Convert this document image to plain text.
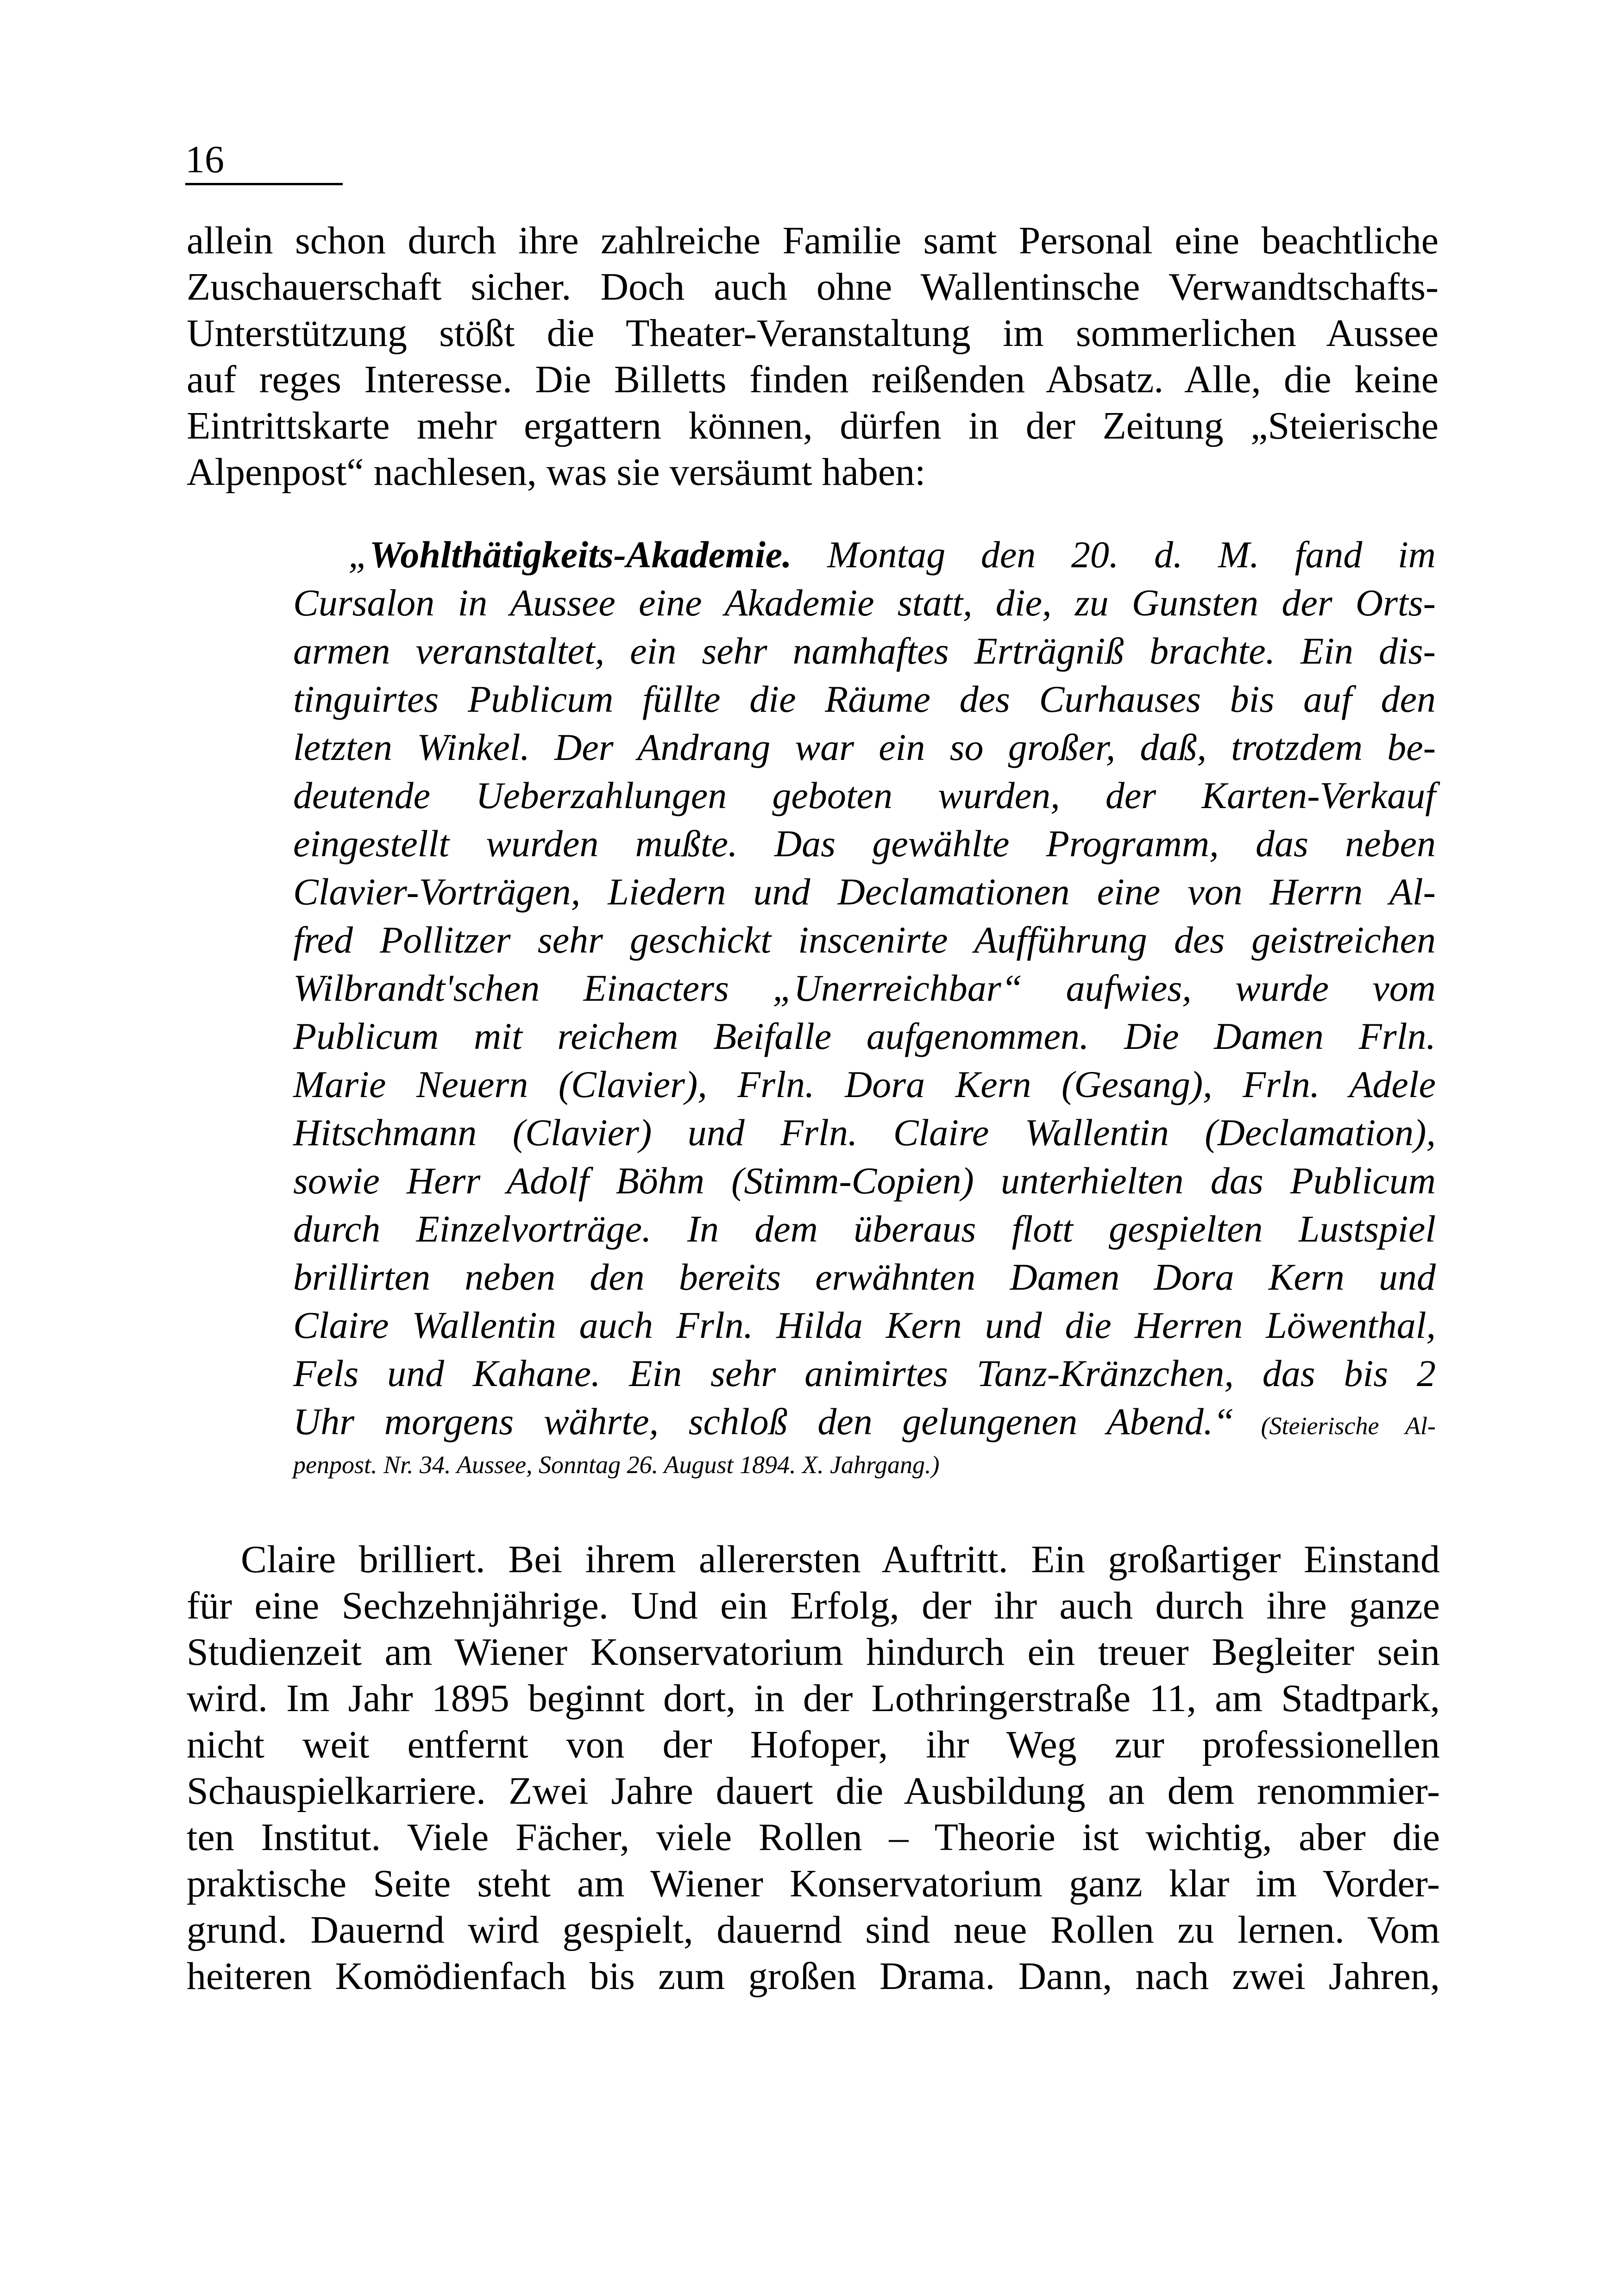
16
allein schon durch ihre zahlreiche Familie samt Personal eine beachtliche
Zuschauerschaft sicher. Doch auch ohne Wallentinsche Verwandtschafts-
Unterstützung stößt die Theater-Veranstaltung im sommerlichen Aussee
auf reges Interesse. Die Billetts finden reißenden Absatz. Alle, die keine
Eintrittskarte mehr ergattern können, dürfen in der Zeitung „Steierische
Alpenpost“ nachlesen, was sie versäumt haben:
„Wohlthätigkeits-Akademie. Montag den 20. d. M. fand im
Cursalon in Aussee eine Akademie statt, die, zu Gunsten der Orts-
armen veranstaltet, ein sehr namhaftes Erträgniß brachte. Ein dis-
tinguirtes Publicum füllte die Räume des Curhauses bis auf den
letzten Winkel. Der Andrang war ein so großer, daß, trotzdem be-
deutende Ueberzahlungen geboten wurden, der Karten-Verkauf
eingestellt wurden mußte. Das gewählte Programm, das neben
Clavier-Vorträgen, Liedern und Declamationen eine von Herrn Al-
fred Pollitzer sehr geschickt inscenirte Aufführung des geistreichen
Wilbrandt'schen Einacters „Unerreichbar“ aufwies, wurde vom
Publicum mit reichem Beifalle aufgenommen. Die Damen Frln.
Marie Neuern (Clavier), Frln. Dora Kern (Gesang), Frln. Adele
Hitschmann (Clavier) und Frln. Claire Wallentin (Declamation),
sowie Herr Adolf Böhm (Stimm-Copien) unterhielten das Publicum
durch Einzelvorträge. In dem überaus flott gespielten Lustspiel
brillirten neben den bereits erwähnten Damen Dora Kern und
Claire Wallentin auch Frln. Hilda Kern und die Herren Löwenthal,
Fels und Kahane. Ein sehr animirtes Tanz-Kränzchen, das bis 2
Uhr morgens währte, schloß den gelungenen Abend.“ (Steierische Al-
penpost. Nr. 34. Aussee, Sonntag 26. August 1894. X. Jahrgang.)
Claire brilliert. Bei ihrem allerersten Auftritt. Ein großartiger Einstand
für eine Sechzehnjährige. Und ein Erfolg, der ihr auch durch ihre ganze
Studienzeit am Wiener Konservatorium hindurch ein treuer Begleiter sein
wird. Im Jahr 1895 beginnt dort, in der Lothringerstraße 11, am Stadtpark,
nicht weit entfernt von der Hofoper, ihr Weg zur professionellen
Schauspielkarriere. Zwei Jahre dauert die Ausbildung an dem renommier-
ten Institut. Viele Fächer, viele Rollen – Theorie ist wichtig, aber die
praktische Seite steht am Wiener Konservatorium ganz klar im Vorder-
grund. Dauernd wird gespielt, dauernd sind neue Rollen zu lernen. Vom
heiteren Komödienfach bis zum großen Drama. Dann, nach zwei Jahren,
